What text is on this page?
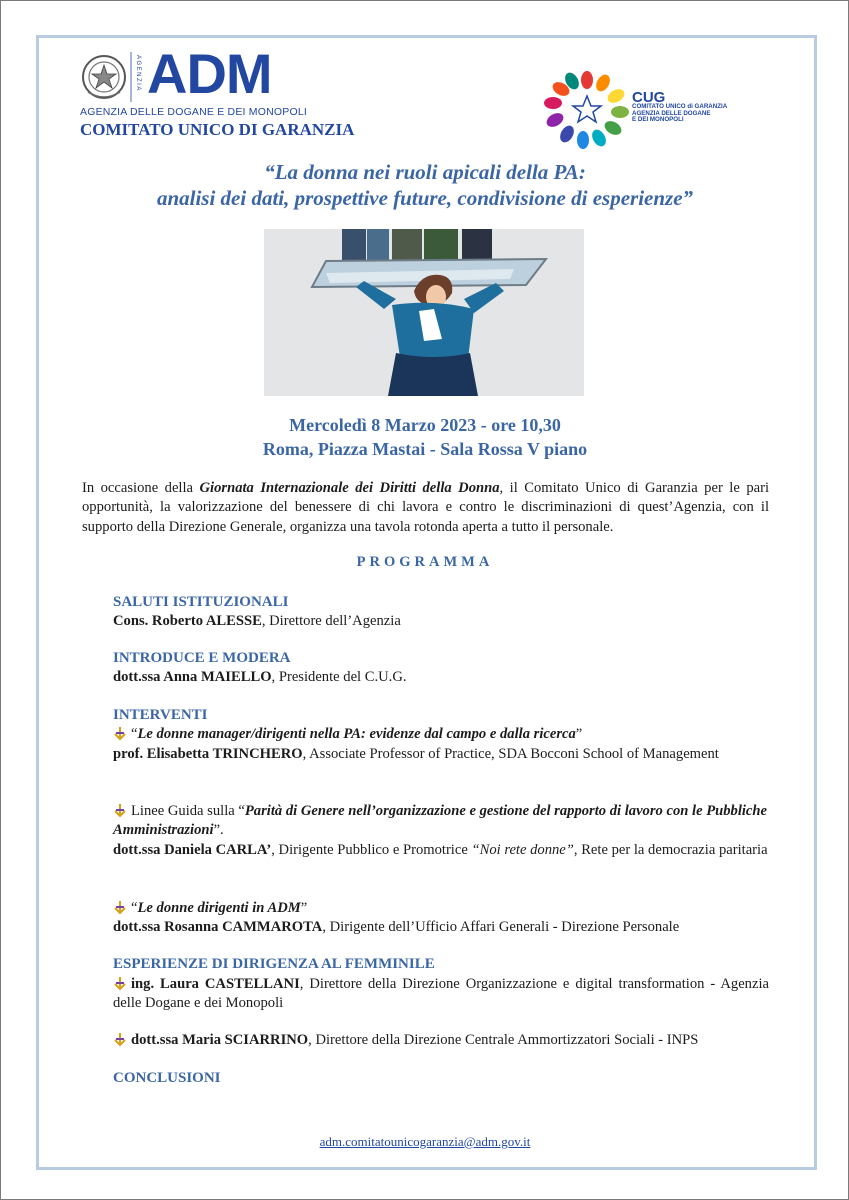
AGENZIA ADM
AGENZIA DELLE DOGANE E DEI MONOPOLI
COMITATO UNICO DI GARANZIA
CUG
COMITATO UNICO di GARANZIA
AGENZIA DELLE DOGANE
E DEI MONOPOLI
“La donna nei ruoli apicali della PA:
analisi dei dati, prospettive future, condivisione di esperienze”
Mercoledì 8 Marzo 2023 - ore 10,30
Roma, Piazza Mastai - Sala Rossa V piano
In occasione della Giornata Internazionale dei Diritti della Donna, il Comitato Unico di Garanzia per le pari opportunità, la valorizzazione del benessere di chi lavora e contro le discriminazioni di quest’Agenzia, con il supporto della Direzione Generale, organizza una tavola rotonda aperta a tutto il personale.
PROGRAMMA
SALUTI ISTITUZIONALI
Cons. Roberto ALESSE, Direttore dell’Agenzia
INTRODUCE E MODERA
dott.ssa Anna MAIELLO, Presidente del C.U.G.
INTERVENTI
“Le donne manager/dirigenti nella PA: evidenze dal campo e dalla ricerca”
prof. Elisabetta TRINCHERO, Associate Professor of Practice, SDA Bocconi School of Management
Linee Guida sulla “Parità di Genere nell’organizzazione e gestione del rapporto di lavoro con le Pubbliche Amministrazioni”.
dott.ssa Daniela CARLA’, Dirigente Pubblico e Promotrice “Noi rete donne”, Rete per la democrazia paritaria
“Le donne dirigenti in ADM”
dott.ssa Rosanna CAMMAROTA, Dirigente dell’Ufficio Affari Generali - Direzione Personale
ESPERIENZE DI DIRIGENZA AL FEMMINILE
ing. Laura CASTELLANI, Direttore della Direzione Organizzazione e digital transformation - Agenzia delle Dogane e dei Monopoli
dott.ssa Maria SCIARRINO, Direttore della Direzione Centrale Ammortizzatori Sociali - INPS
CONCLUSIONI
adm.comitatounicogaranzia@adm.gov.it
